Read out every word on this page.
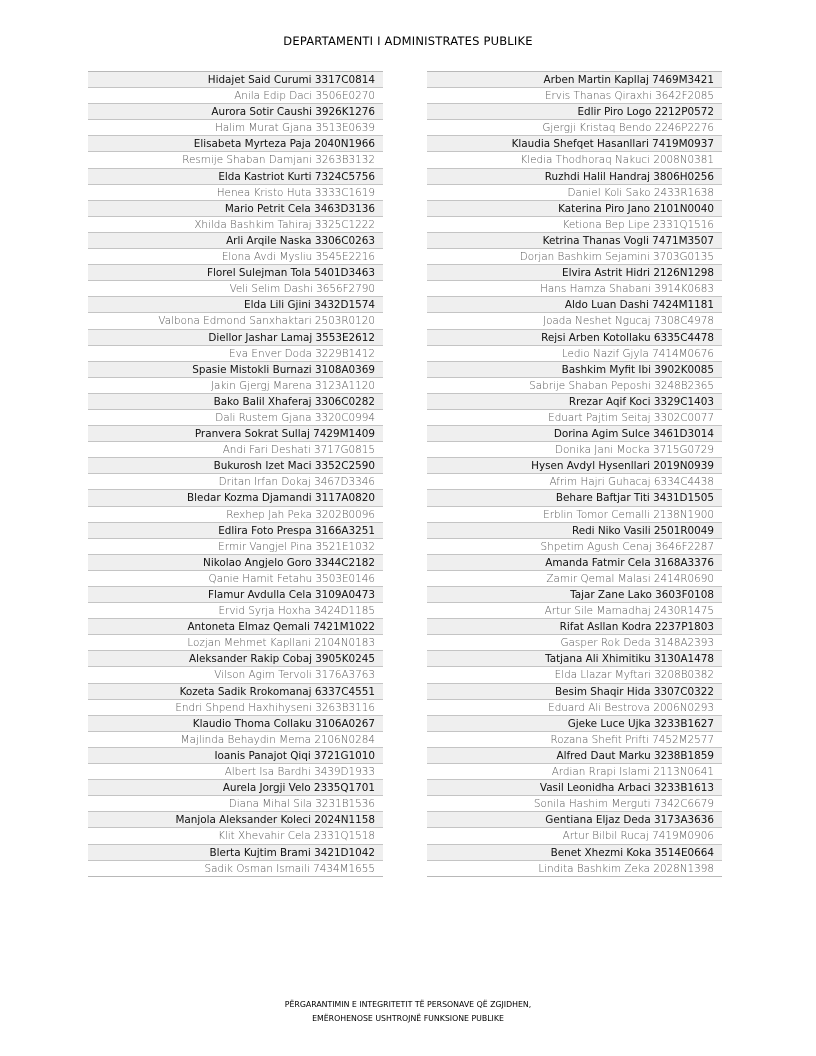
DEPARTAMENTI I ADMINISTRATES PUBLIKE
Hidajet Said Curumi 3317C0814
Anila Edip Daci 3506E0270
Aurora Sotir Caushi 3926K1276
Halim Murat Gjana 3513E0639
Elisabeta Myrteza Paja 2040N1966
Resmije Shaban Damjani 3263B3132
Elda Kastriot Kurti 7324C5756
Henea Kristo Huta 3333C1619
Mario Petrit Cela 3463D3136
Xhilda Bashkim Tahiraj 3325C1222
Arli Arqile Naska 3306C0263
Elona Avdi Mysliu 3545E2216
Florel Sulejman Tola 5401D3463
Veli Selim Dashi 3656F2790
Elda Lili Gjini 3432D1574
Valbona Edmond Sanxhaktari 2503R0120
Diellor Jashar Lamaj 3553E2612
Eva Enver Doda 3229B1412
Spasie Mistokli Burnazi 3108A0369
Jakin Gjergj Marena 3123A1120
Bako Balil Xhaferaj 3306C0282
Dali Rustem Gjana 3320C0994
Pranvera Sokrat Sullaj 7429M1409
Andi Fari Deshati 3717G0815
Bukurosh Izet Maci 3352C2590
Dritan Irfan Dokaj 3467D3346
Bledar Kozma Djamandi 3117A0820
Rexhep Jah Peka 3202B0096
Edlira Foto Prespa 3166A3251
Ermir Vangjel Pina 3521E1032
Nikolao Angjelo Goro 3344C2182
Qanie Hamit Fetahu 3503E0146
Flamur Avdulla Cela 3109A0473
Ervid Syrja Hoxha 3424D1185
Antoneta Elmaz Qemali 7421M1022
Lozjan Mehmet Kapllani 2104N0183
Aleksander Rakip Cobaj 3905K0245
Vilson Agim Tervoli 3176A3763
Kozeta Sadik Rrokomanaj 6337C4551
Endri Shpend Haxhihyseni 3263B3116
Klaudio Thoma Collaku 3106A0267
Majlinda Behaydin Mema 2106N0284
Ioanis Panajot Qiqi 3721G1010
Albert Isa Bardhi 3439D1933
Aurela Jorgji Velo 2335Q1701
Diana Mihal Sila 3231B1536
Manjola Aleksander Koleci 2024N1158
Klit Xhevahir Cela 2331Q1518
Blerta Kujtim Brami 3421D1042
Sadik Osman Ismaili 7434M1655
Arben Martin Kapllaj 7469M3421
Ervis Thanas Qiraxhi 3642F2085
Edlir Piro Logo 2212P0572
Gjergji Kristaq Bendo 2246P2276
Klaudia Shefqet Hasanllari 7419M0937
Kledia Thodhoraq Nakuci 2008N0381
Ruzhdi Halil Handraj 3806H0256
Daniel Koli Sako 2433R1638
Katerina Piro Jano 2101N0040
Ketiona Bep Lipe 2331Q1516
Ketrina Thanas Vogli 7471M3507
Dorjan Bashkim Sejamini 3703G0135
Elvira Astrit Hidri 2126N1298
Hans Hamza Shabani 3914K0683
Aldo Luan Dashi 7424M1181
Joada Neshet Ngucaj 7308C4978
Rejsi Arben Kotollaku 6335C4478
Ledio Nazif Gjyla 7414M0676
Bashkim Myfit Ibi 3902K0085
Sabrije Shaban Peposhi 3248B2365
Rrezar Aqif Koci 3329C1403
Eduart Pajtim Seitaj 3302C0077
Dorina Agim Sulce 3461D3014
Donika Jani Mocka 3715G0729
Hysen Avdyl Hysenllari 2019N0939
Afrim Hajri Guhacaj 6334C4438
Behare Baftjar Titi 3431D1505
Erblin Tomor Cemalli 2138N1900
Redi Niko Vasili 2501R0049
Shpetim Agush Cenaj 3646F2287
Amanda Fatmir Cela 3168A3376
Zamir Qemal Malasi 2414R0690
Tajar Zane Lako 3603F0108
Artur Sile Mamadhaj 2430R1475
Rifat Asllan Kodra 2237P1803
Gasper Rok Deda 3148A2393
Tatjana Ali Xhimitiku 3130A1478
Elda Llazar Myftari 3208B0382
Besim Shaqir Hida 3307C0322
Eduard Ali Bestrova 2006N0293
Gjeke Luce Ujka 3233B1627
Rozana Shefit Prifti 7452M2577
Alfred Daut Marku 3238B1859
Ardian Rrapi Islami 2113N0641
Vasil Leonidha Arbaci 3233B1613
Sonila Hashim Merguti 7342C6679
Gentiana Eljaz Deda 3173A3636
Artur Bilbil Rucaj 7419M0906
Benet Xhezmi Koka 3514E0664
Lindita Bashkim Zeka 2028N1398
PËRGARANTIMIN E INTEGRITETIT TË PERSONAVE QË ZGJIDHEN,
EMËROHENOSE USHTROJNË FUNKSIONE PUBLIKE
